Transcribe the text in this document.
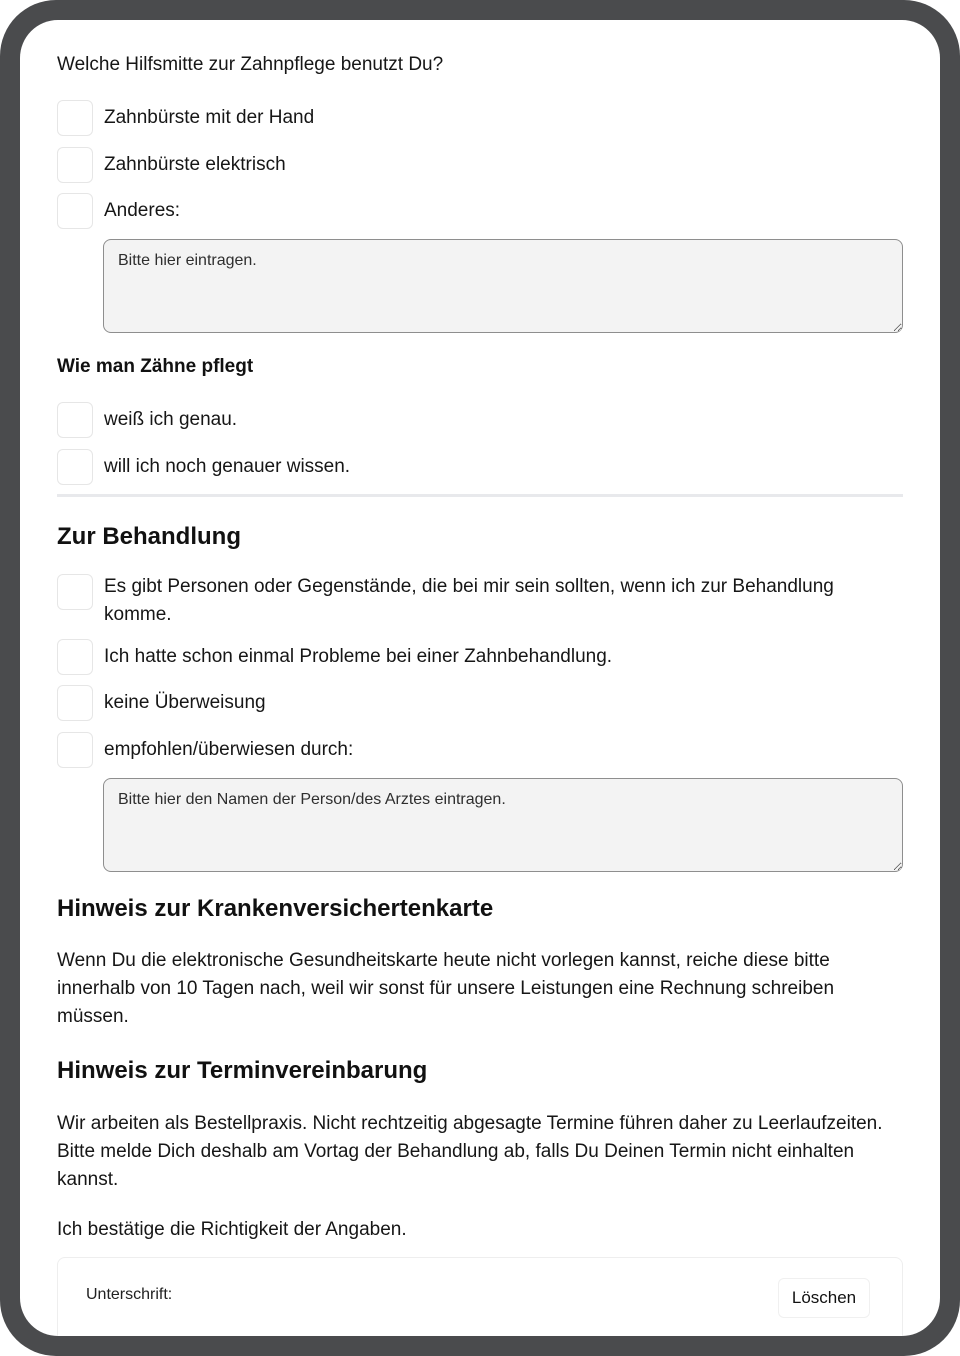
Welche Hilfsmitte zur Zahnpflege benutzt Du?
Zahnbürste mit der Hand
Zahnbürste elektrisch
Anderes:
Bitte hier eintragen.
Wie man Zähne pflegt
weiß ich genau.
will ich noch genauer wissen.
Zur Behandlung
Es gibt Personen oder Gegenstände, die bei mir sein sollten, wenn ich zur Behandlung komme.
Ich hatte schon einmal Probleme bei einer Zahnbehandlung.
keine Überweisung
empfohlen/überwiesen durch:
Bitte hier den Namen der Person/des Arztes eintragen.
Hinweis zur Krankenversichertenkarte
Wenn Du die elektronische Gesundheitskarte heute nicht vorlegen kannst, reiche diese bitte innerhalb von 10 Tagen nach, weil wir sonst für unsere Leistungen eine Rechnung schreiben müssen.
Hinweis zur Terminvereinbarung
Wir arbeiten als Bestellpraxis. Nicht rechtzeitig abgesagte Termine führen daher zu Leerlaufzeiten. Bitte melde Dich deshalb am Vortag der Behandlung ab, falls Du Deinen Termin nicht einhalten kannst.
Ich bestätige die Richtigkeit der Angaben.
Unterschrift:	Löschen
